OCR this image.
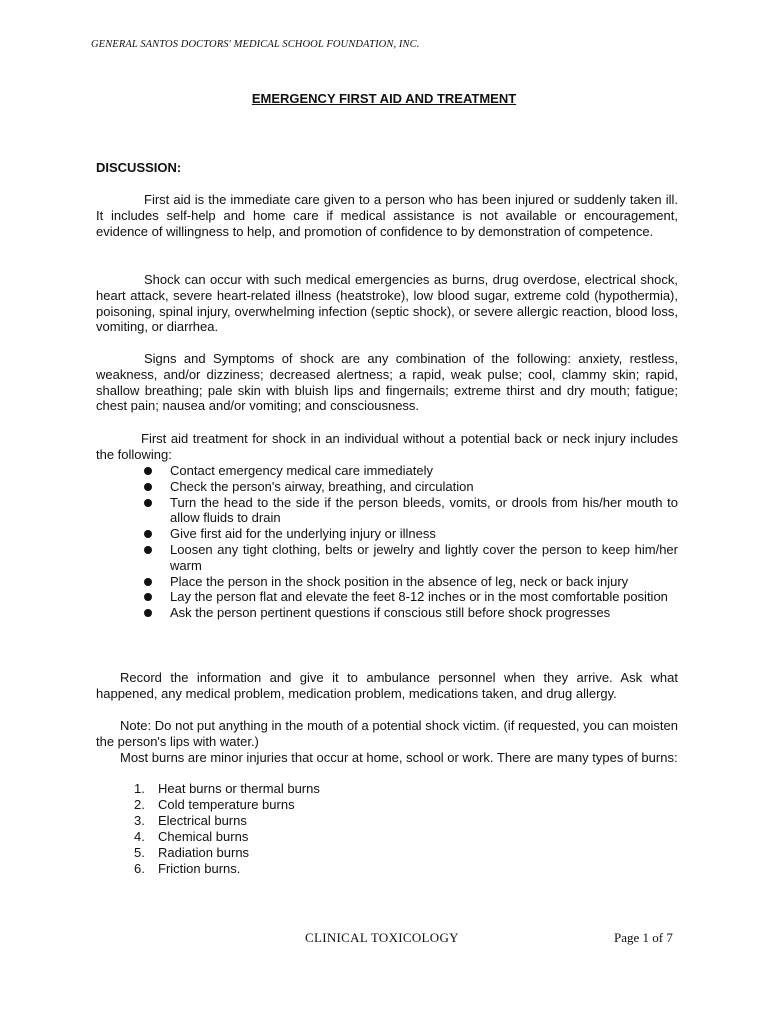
GENERAL SANTOS DOCTORS' MEDICAL SCHOOL FOUNDATION, INC.
EMERGENCY FIRST AID AND TREATMENT
DISCUSSION:
First aid is the immediate care given to a person who has been injured or suddenly taken ill. It includes self-help and home care if medical assistance is not available or encouragement, evidence of willingness to help, and promotion of confidence to by demonstration of competence.
Shock can occur with such medical emergencies as burns, drug overdose, electrical shock, heart attack, severe heart-related illness (heatstroke), low blood sugar, extreme cold (hypothermia), poisoning, spinal injury, overwhelming infection (septic shock), or severe allergic reaction, blood loss, vomiting, or diarrhea.
Signs and Symptoms of shock are any combination of the following: anxiety, restless, weakness, and/or dizziness; decreased alertness; a rapid, weak pulse; cool, clammy skin; rapid, shallow breathing; pale skin with bluish lips and fingernails; extreme thirst and dry mouth; fatigue; chest pain; nausea and/or vomiting; and consciousness.
First aid treatment for shock in an individual without a potential back or neck injury includes the following:
Contact emergency medical care immediately
Check the person's airway, breathing, and circulation
Turn the head to the side if the person bleeds, vomits, or drools from his/her mouth to allow fluids to drain
Give first aid for the underlying injury or illness
Loosen any tight clothing, belts or jewelry and lightly cover the person to keep him/her warm
Place the person in the shock position in the absence of leg, neck or back injury
Lay the person flat and elevate the feet 8-12 inches or in the most comfortable position
Ask the person pertinent questions if conscious still before shock progresses
Record the information and give it to ambulance personnel when they arrive. Ask what happened, any medical problem, medication problem, medications taken, and drug allergy.
Note: Do not put anything in the mouth of a potential shock victim. (if requested, you can moisten the person's lips with water.)
Most burns are minor injuries that occur at home, school or work. There are many types of burns:
1. Heat burns or thermal burns
2. Cold temperature burns
3. Electrical burns
4. Chemical burns
5. Radiation burns
6. Friction burns.
CLINICAL TOXICOLOGY	Page 1 of 7
